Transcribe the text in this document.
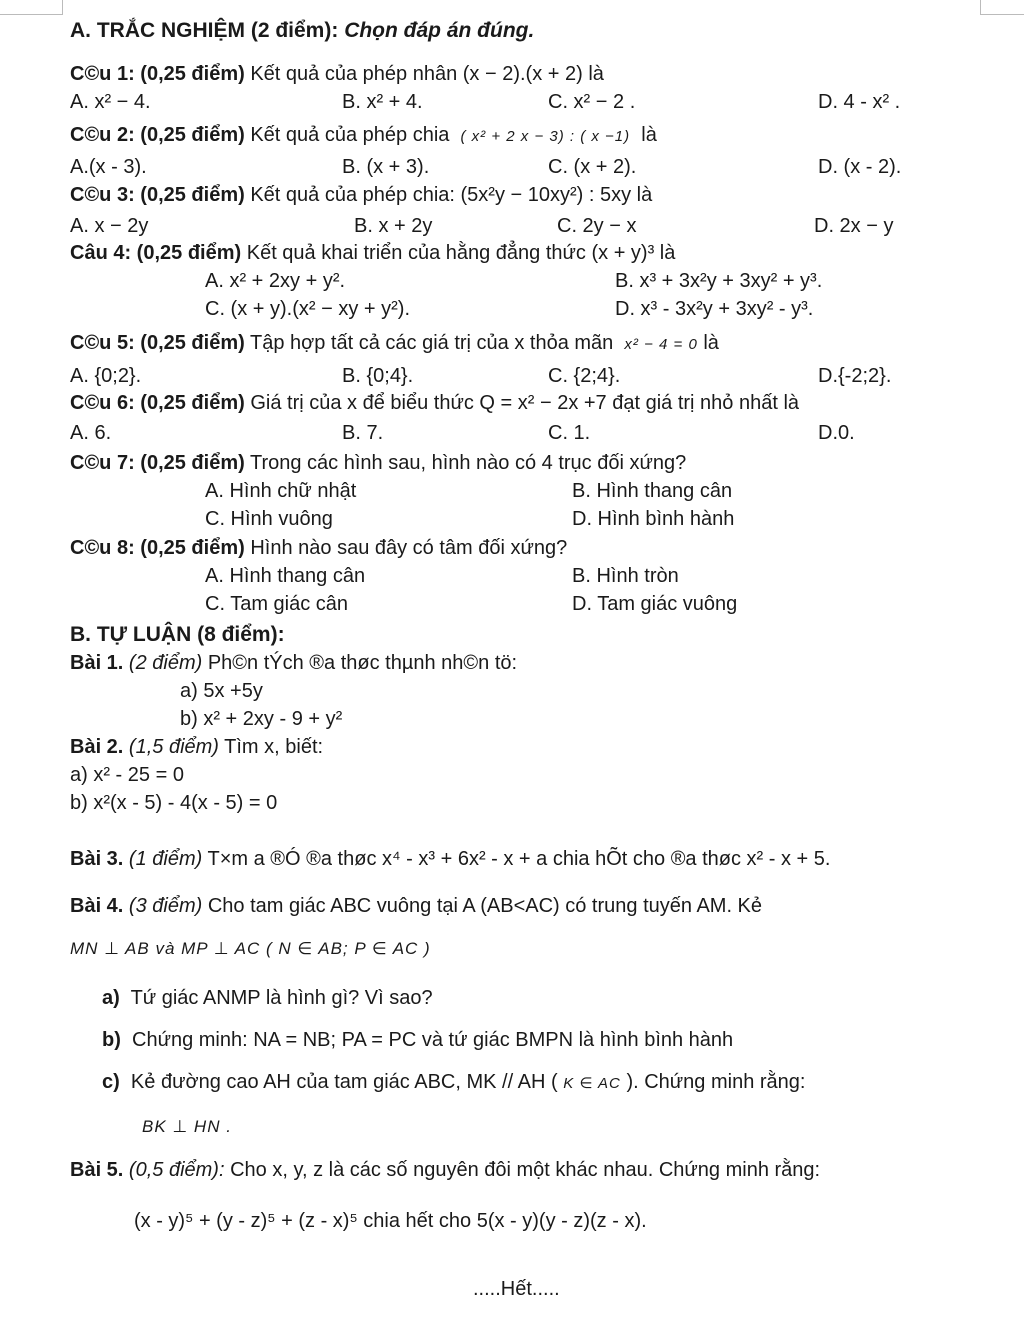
A. TRẮC NGHIỆM (2 điểm): Chọn đáp án đúng.
C©u 1: (0,25 điểm) Kết quả của phép nhân (x − 2).(x + 2) là
A. x² − 4.	B. x² + 4.	C. x² − 2 .	D. 4 - x² .
C©u 2: (0,25 điểm) Kết quả của phép chia ( x² + 2 x − 3) : ( x −1) là
A.(x - 3).	B. (x + 3).	C. (x + 2).	D. (x - 2).
C©u 3: (0,25 điểm) Kết quả của phép chia: (5x²y − 10xy²) : 5xy là
A. x − 2y	B. x + 2y	C. 2y − x	D. 2x − y
Câu 4: (0,25 điểm) Kết quả khai triển của hằng đẳng thức (x + y)³ là
A. x² + 2xy + y².	B. x³ + 3x²y + 3xy² + y³.
C. (x + y).(x² − xy + y²).	D. x³ - 3x²y + 3xy² - y³.
C©u 5: (0,25 điểm) Tập hợp tất cả các giá trị của x thỏa mãn x² − 4 = 0 là
A. {0;2}.	B. {0;4}.	C. {2;4}.	D.{-2;2}.
C©u 6: (0,25 điểm) Giá trị của x để biểu thức Q = x² − 2x +7 đạt giá trị nhỏ nhất là
A. 6.	B. 7.	C. 1.	D.0.
C©u 7: (0,25 điểm) Trong các hình sau, hình nào có 4 trục đối xứng?
A. Hình chữ nhật	B. Hình thang cân
C. Hình vuông	D. Hình bình hành
C©u 8: (0,25 điểm) Hình nào sau đây có tâm đối xứng?
A. Hình thang cân	B. Hình tròn
C. Tam giác cân	D. Tam giác vuông
B. TỰ LUẬN (8 điểm):
Bài 1. (2 điểm) Ph©n tÝch ®a thøc thµnh nh©n tö:
a) 5x +5y
b) x² + 2xy - 9 + y²
Bài 2. (1,5 điểm) Tìm x, biết:
a) x² - 25 = 0
b) x²(x - 5) - 4(x - 5) = 0
Bài 3. (1 điểm) T×m a ®Ó ®a thøc x⁴ - x³ + 6x² - x + a chia hÕt cho ®a thøc x² - x + 5.
Bài 4. (3 điểm) Cho tam giác ABC vuông tại A (AB<AC) có trung tuyến AM. Kẻ
MN ⊥ AB và MP ⊥ AC ( N ∈ AB; P ∈ AC )
a) Tứ giác ANMP là hình gì? Vì sao?
b) Chứng minh: NA = NB; PA = PC và tứ giác BMPN là hình bình hành
c) Kẻ đường cao AH của tam giác ABC, MK // AH ( K ∈ AC ). Chứng minh rằng:
BK ⊥ HN .
Bài 5. (0,5 điểm): Cho x, y, z là các số nguyên đôi một khác nhau. Chứng minh rằng:
(x - y)⁵ + (y - z)⁵ + (z - x)⁵ chia hết cho 5(x - y)(y - z)(z - x).
.....Hết.....
